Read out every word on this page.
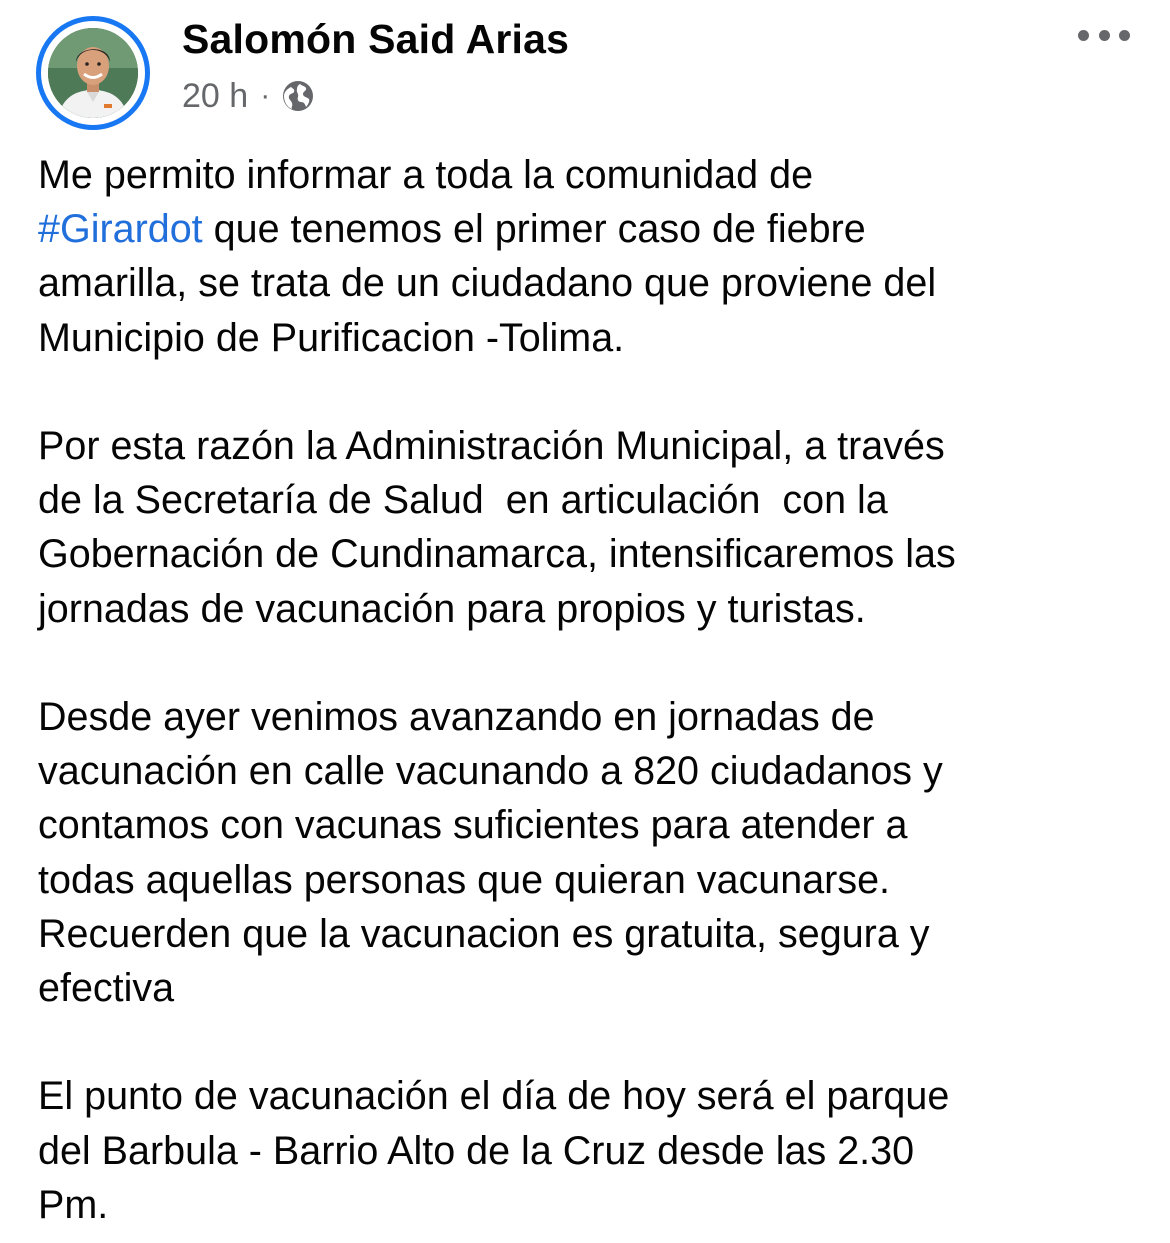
Salomón Said Arias
20 h ·
Me permito informar a toda la comunidad de
#Girardot que tenemos el primer caso de fiebre
amarilla, se trata de un ciudadano que proviene del
Municipio de Purificacion -Tolima.
Por esta razón la Administración Municipal, a través
de la Secretaría de Salud  en articulación  con la
Gobernación de Cundinamarca, intensificaremos las
jornadas de vacunación para propios y turistas.
Desde ayer venimos avanzando en jornadas de
vacunación en calle vacunando a 820 ciudadanos y
contamos con vacunas suficientes para atender a
todas aquellas personas que quieran vacunarse.
Recuerden que la vacunacion es gratuita, segura y
efectiva
El punto de vacunación el día de hoy será el parque
del Barbula - Barrio Alto de la Cruz desde las 2.30
Pm.
